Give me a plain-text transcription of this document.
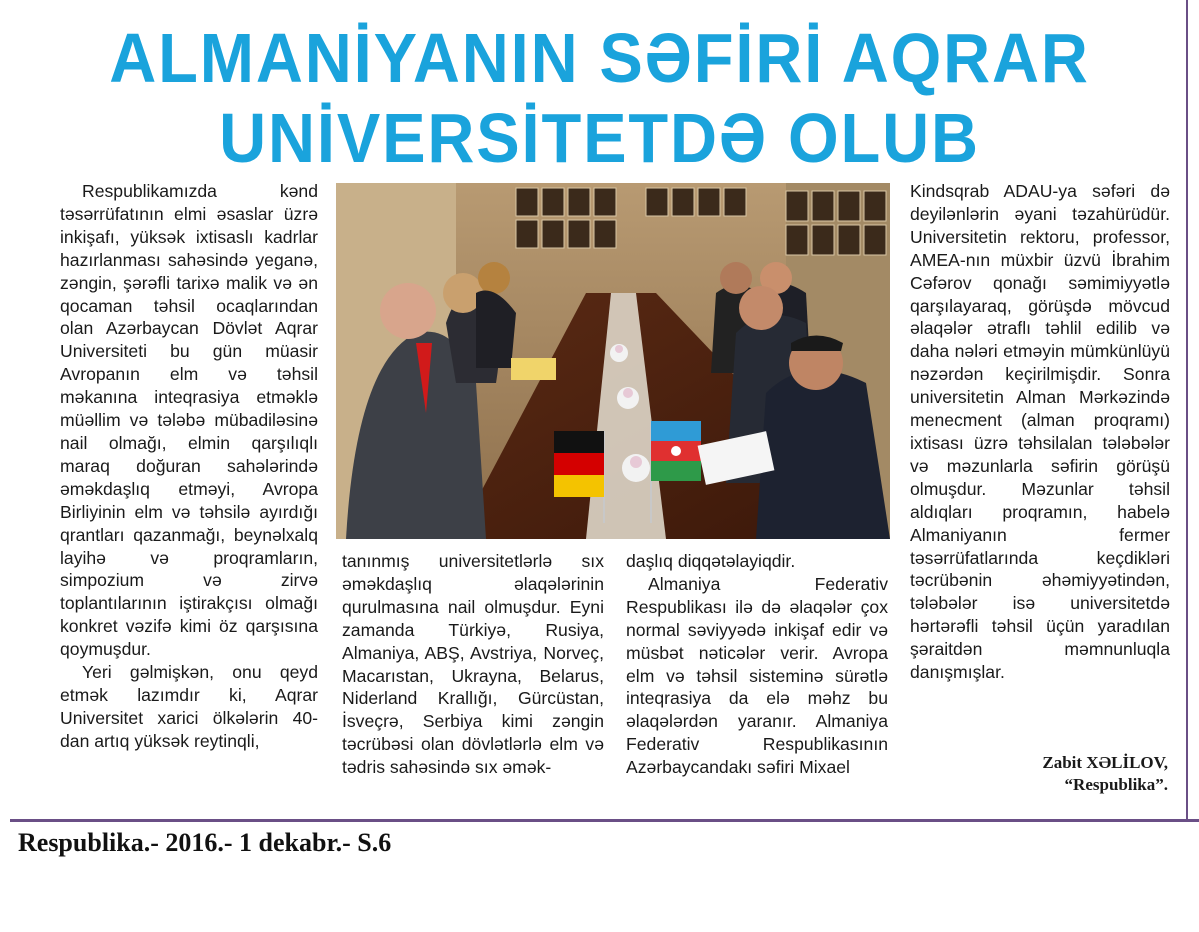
ALMANİYANIN SƏFİRİ AQRAR
UNİVERSİTETDƏ OLUB

Respublikamızda kənd təsərrüfatının elmi əsaslar üzrə inkişafı, yüksək ixtisaslı kadrlar hazırlanması sahəsində yeganə, zəngin, şərəfli tarixə malik və ən qocaman təhsil ocaqlarından olan Azərbaycan Dövlət Aqrar Universiteti bu gün müasir Avropanın elm və təhsil məkanına inteqrasiya etməklə müəllim və tələbə mübadiləsinə nail olmağı, elmin qarşılıqlı maraq doğuran sahələrində əməkdaşlıq etməyi, Avropa Birliyinin elm və təhsilə ayırdığı qrantları qazanmağı, beynəlxalq layihə və proqramların, simpozium və zirvə toplantılarının iştirakçısı olmağı konkret vəzifə kimi öz qarşısına qoymuşdur.

Yeri gəlmişkən, onu qeyd etmək lazımdır ki, Aqrar Universitet xarici ölkələrin 40-dan artıq yüksək reytinqli,

tanınmış universitetlərlə sıx əməkdaşlıq əlaqələrinin qurulmasına nail olmuşdur. Eyni zamanda Türkiyə, Rusiya, Almaniya, ABŞ, Avstriya, Norveç, Macarıstan, Ukrayna, Belarus, Niderland Krallığı, Gürcüstan, İsveçrə, Serbiya kimi zəngin təcrübəsi olan dövlətlərlə elm və tədris sahəsində sıx əmək-

daşlıq diqqətəlayiqdir.

Almaniya Federativ Respublikası ilə də əlaqələr çox normal səviyyədə inkişaf edir və müsbət nəticələr verir. Avropa elm və təhsil sisteminə sürətlə inteqrasiya da elə məhz bu əlaqələrdən yaranır. Almaniya Federativ Respublikasının Azərbaycandakı səfiri Mixael

Kindsqrab ADAU-ya səfəri də deyilənlərin əyani təzahürüdür. Universitetin rektoru, professor, AMEA-nın müxbir üzvü İbrahim Cəfərov qonağı səmimiyyətlə qarşılayaraq, görüşdə mövcud əlaqələr ətraflı təhlil edilib və daha nələri etməyin mümkünlüyü nəzərdən keçirilmişdir. Sonra universitetin Alman Mərkəzində menecment (alman proqramı) ixtisası üzrə təhsilalan tələbələr və məzunlarla səfirin görüşü olmuşdur. Məzunlar təhsil aldıqları proqramın, habelə Almaniyanın fermer təsərrüfatlarında keçdikləri təcrübənin əhəmiyyətindən, tələbələr isə universitetdə hərtərəfli təhsil üçün yaradılan şəraitdən məmnunluqla danışmışlar.

Zabit XƏLİLOV,
“Respublika”.
Respublika.- 2016.- 1 dekabr.- S.6
